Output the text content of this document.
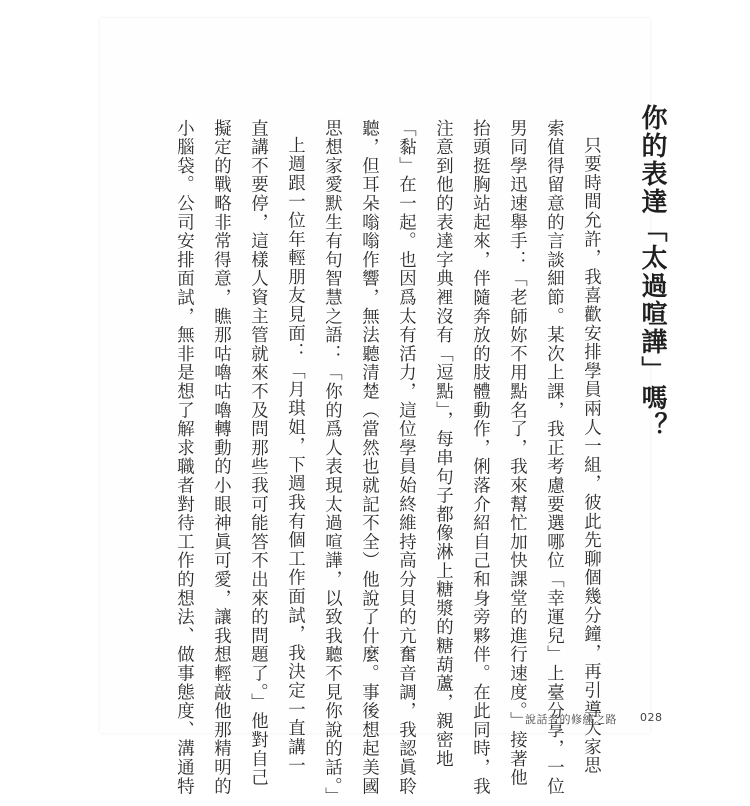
你的表達「太過喧譁」嗎？
只要時間允許，我喜歡安排學員兩人一組，彼此先聊個幾分鐘，再引導大家思
索值得留意的言談細節。某次上課，我正考慮要選哪位「幸運兒」上臺分享，一位
男同學迅速舉手：「老師妳不用點名了，我來幫忙加快課堂的進行速度。」接著他
抬頭挺胸站起來，伴隨奔放的肢體動作，俐落介紹自己和身旁夥伴。在此同時，我
注意到他的表達字典裡沒有「逗點」，每串句子都像淋上糖漿的糖葫蘆，親密地
「黏」在一起。也因爲太有活力，這位學員始終維持高分貝的亢奮音調，我認眞聆
聽，但耳朵嗡嗡作響，無法聽清楚（當然也就記不全）他說了什麼。事後想起美國
思想家愛默生有句智慧之語：「你的爲人表現太過喧譁，以致我聽不見你說的話。」
上週跟一位年輕朋友見面：「月琪姐，下週我有個工作面試，我決定一直講一
直講不要停，這樣人資主管就來不及問那些我可能答不出來的問題了。」他對自己
擬定的戰略非常得意，瞧那咕嚕咕嚕轉動的小眼神眞可愛，讓我想輕敲他那精明的
小腦袋。公司安排面試，無非是想了解求職者對待工作的想法、做事態度、溝通特	說話者的修練之路 028
